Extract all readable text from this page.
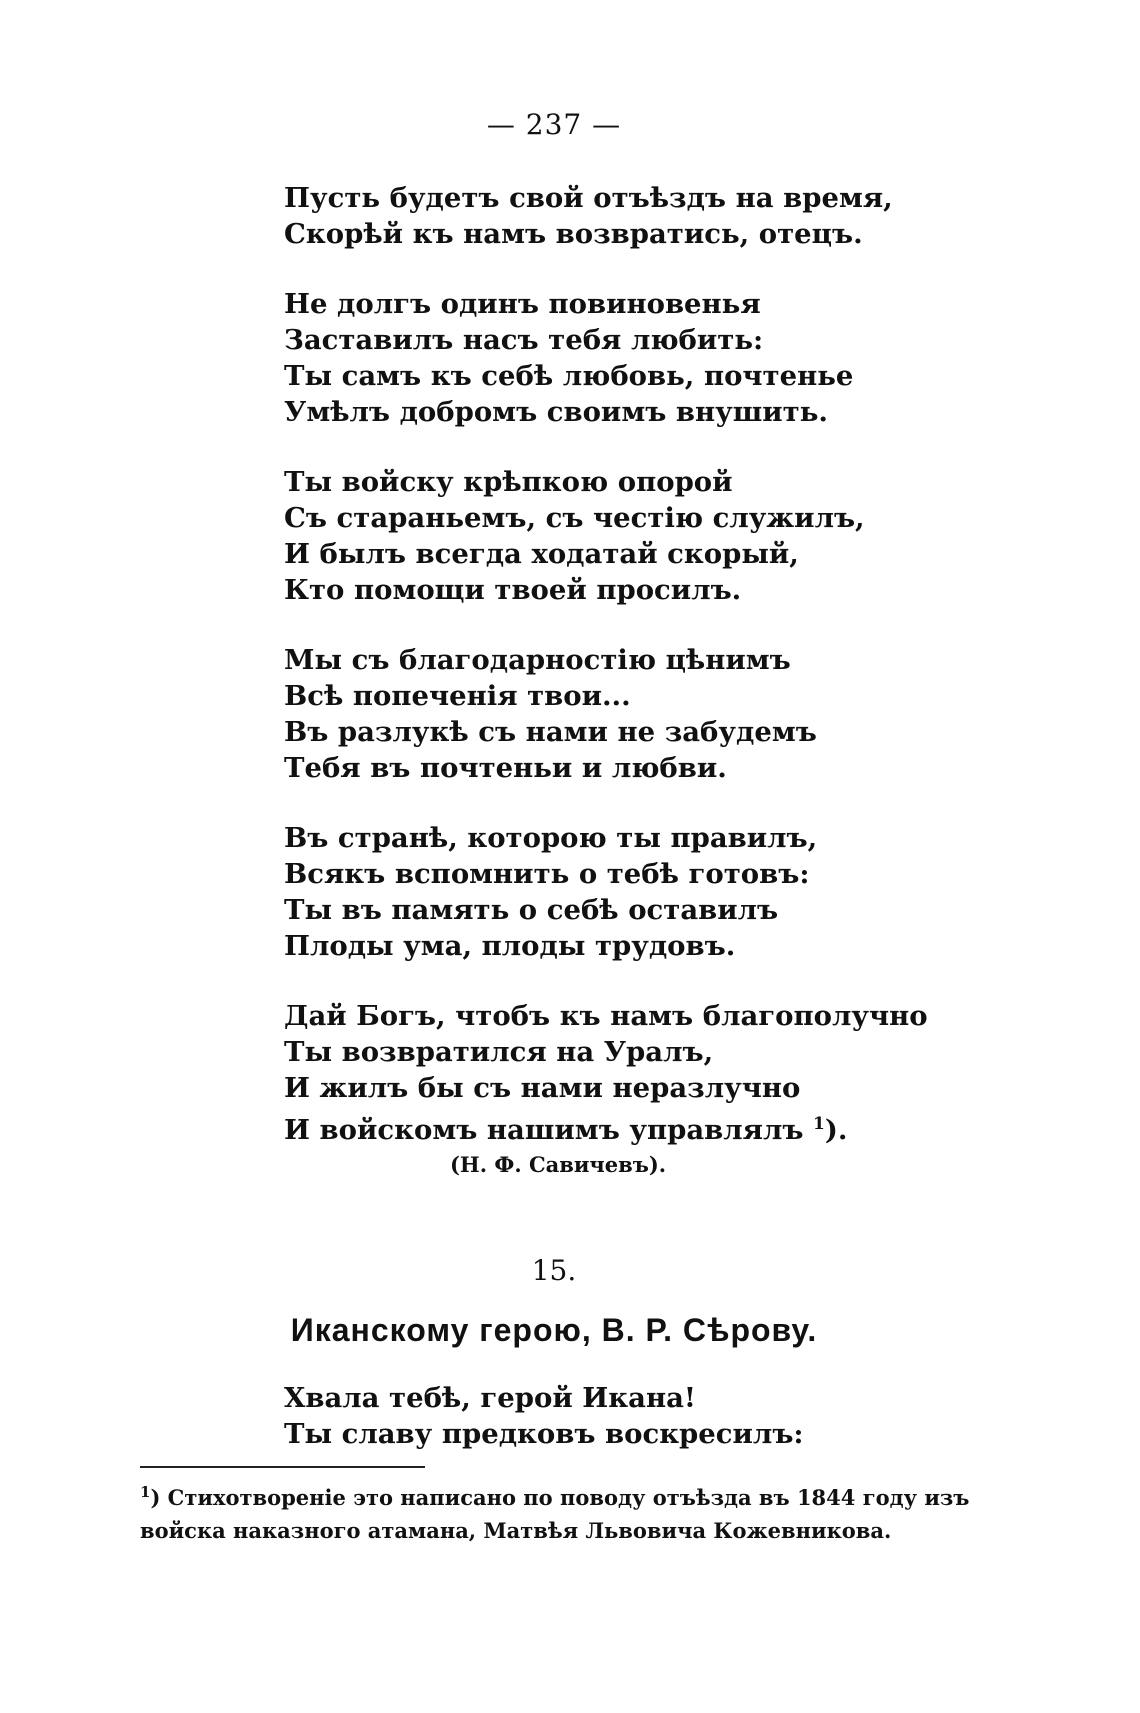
— 237 —
Пусть будетъ свой отъѣздъ на время,
Скорѣй къ намъ возвратись, отецъ.
Не долгъ одинъ повиновенья
Заставилъ насъ тебя любить:
Ты самъ къ себѣ любовь, почтенье
Умѣлъ добромъ своимъ внушить.
Ты войску крѣпкою опорой
Съ стараньемъ, съ честію служилъ,
И былъ всегда ходатай скорый,
Кто помощи твоей просилъ.
Мы съ благодарностію цѣнимъ
Всѣ попеченія твои...
Въ разлукѣ съ нами не забудемъ
Тебя въ почтеньи и любви.
Въ странѣ, которою ты правилъ,
Всякъ вспомнить о тебѣ готовъ:
Ты въ память о себѣ оставилъ
Плоды ума, плоды трудовъ.
Дай Богъ, чтобъ къ намъ благополучно
Ты возвратился на Уралъ,
И жилъ бы съ нами неразлучно
И войскомъ нашимъ управлялъ $^1$).
(Н. Ф. Савичевъ).
15.
Иканскому герою, В. Р. Сѣрову.
Хвала тебѣ, герой Икана!
Ты славу предковъ воскресилъ:
$^1$) Стихотвореніе это написано по поводу отъѣзда въ 1844 году изъ войска наказного атамана, Матвѣя Львовича Кожевникова.
